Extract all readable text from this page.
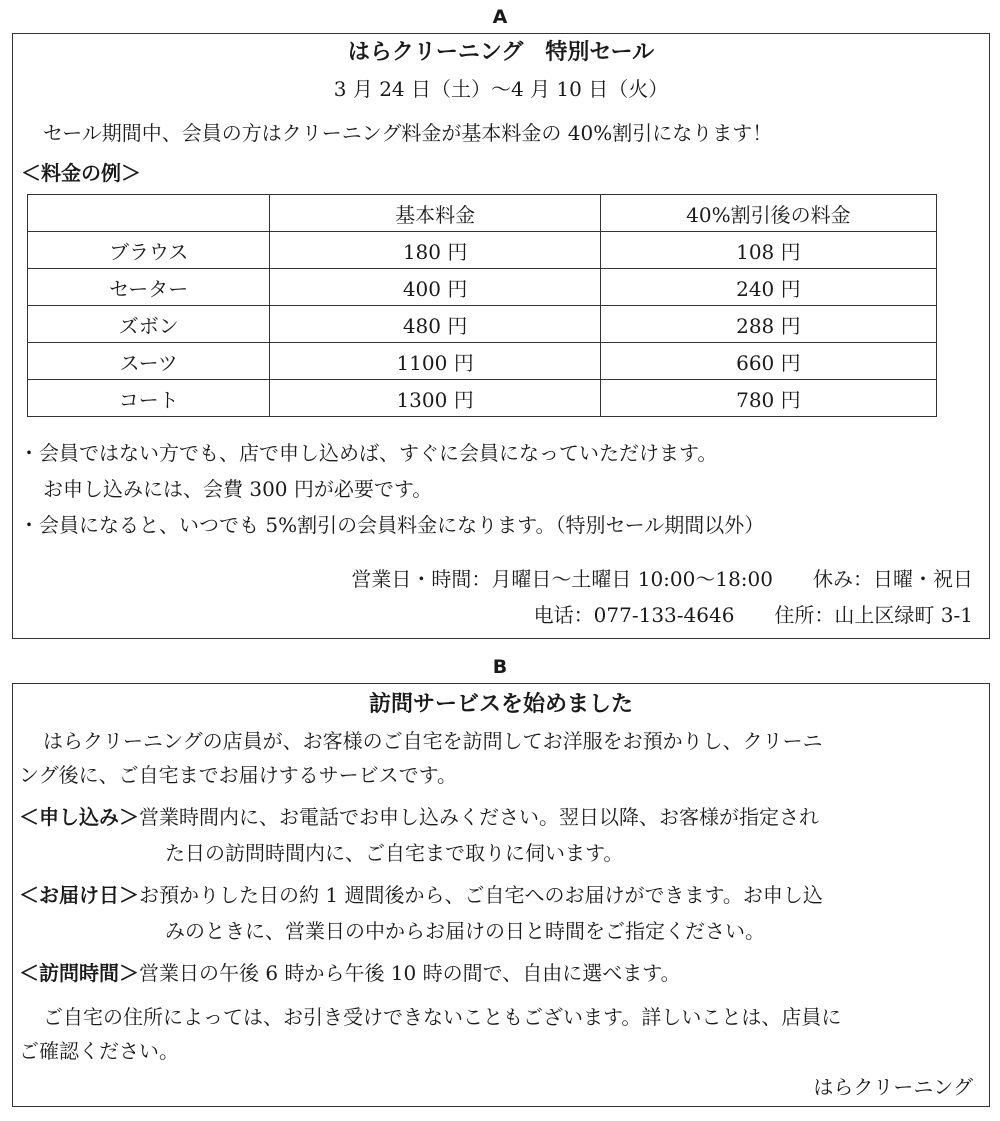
A
はらクリーニング　特別セール
3 月 24 日（土）～4 月 10 日（火）
セール期間中、会員の方はクリーニング料金が基本料金の 40%割引になります！
＜料金の例＞
	基本料金	40%割引後の料金
ブラウス	180 円	108 円
セーター	400 円	240 円
ズボン	480 円	288 円
スーツ	1100 円	660 円
コート	1300 円	780 円
・会員ではない方でも、店で申し込めば、すぐに会員になっていただけます。
お申し込みには、会費 300 円が必要です。
・会員になると、いつでも 5%割引の会員料金になります。（特別セール期間以外）
営業日・時間：月曜日～土曜日 10:00～18:00　　休み：日曜・祝日
电话：077-133-4646　　住所：山上区绿町 3-1
B
訪問サービスを始めました
はらクリーニングの店員が、お客様のご自宅を訪問してお洋服をお預かりし、クリーニ
ング後に、ご自宅までお届けするサービスです。
＜申し込み＞営業時間内に、お電話でお申し込みください。翌日以降、お客様が指定され
た日の訪問時間内に、ご自宅まで取りに伺います。
＜お届け日＞お預かりした日の約 1 週間後から、ご自宅へのお届けができます。お申し込
みのときに、営業日の中からお届けの日と時間をご指定ください。
＜訪問時間＞営業日の午後 6 時から午後 10 時の間で、自由に選べます。
ご自宅の住所によっては、お引き受けできないこともございます。詳しいことは、店員に
ご確認ください。
はらクリーニング
